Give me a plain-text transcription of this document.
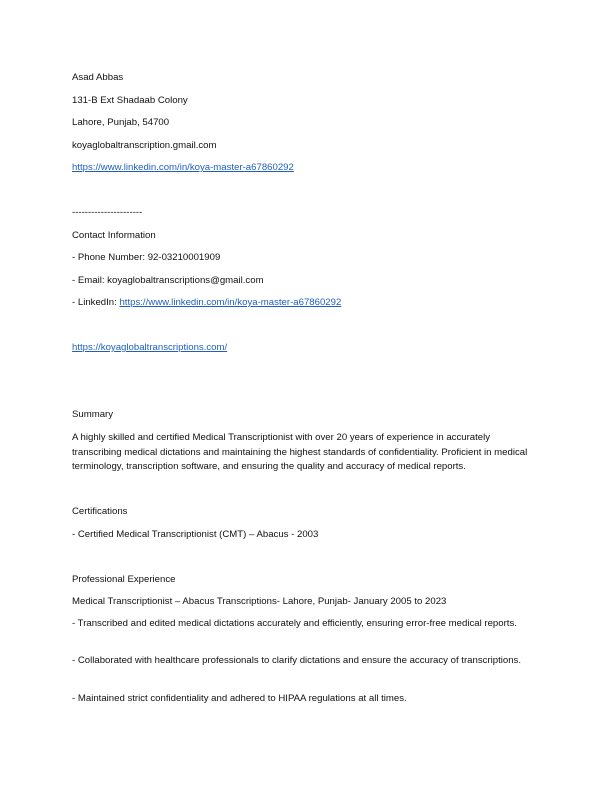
Asad Abbas
131-B Ext Shadaab Colony
Lahore, Punjab, 54700
koyaglobaltranscription.gmail.com
https://www.linkedin.com/in/koya-master-a67860292
----------------------
Contact Information
- Phone Number: 92-03210001909
- Email: koyaglobaltranscriptions@gmail.com
- LinkedIn: https://www.linkedin.com/in/koya-master-a67860292
https://koyaglobaltranscriptions.com/
Summary
A highly skilled and certified Medical Transcriptionist with over 20 years of experience in accurately transcribing medical dictations and maintaining the highest standards of confidentiality. Proficient in medical terminology, transcription software, and ensuring the quality and accuracy of medical reports.
Certifications
- Certified Medical Transcriptionist (CMT) – Abacus - 2003
Professional Experience
Medical Transcriptionist – Abacus Transcriptions- Lahore, Punjab- January 2005 to 2023
- Transcribed and edited medical dictations accurately and efficiently, ensuring error-free medical reports.
- Collaborated with healthcare professionals to clarify dictations and ensure the accuracy of transcriptions.
- Maintained strict confidentiality and adhered to HIPAA regulations at all times.
